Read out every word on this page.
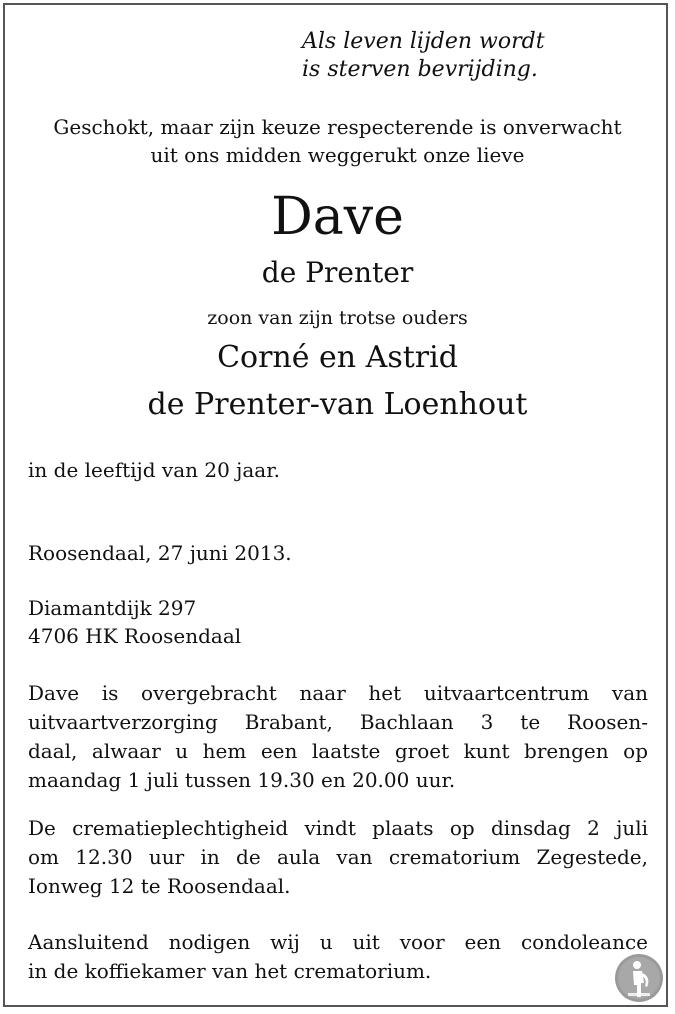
Als leven lijden wordt
is sterven bevrijding.
Geschokt, maar zijn keuze respecterende is onverwacht
uit ons midden weggerukt onze lieve
Dave
de Prenter
zoon van zijn trotse ouders
Corné en Astrid
de Prenter-van Loenhout
in de leeftijd van 20 jaar.
Roosendaal, 27 juni 2013.
Diamantdijk 297
4706 HK Roosendaal
Dave is overgebracht naar het uitvaartcentrum van
uitvaartverzorging Brabant, Bachlaan 3 te Roosen-
daal, alwaar u hem een laatste groet kunt brengen op
maandag 1 juli tussen 19.30 en 20.00 uur.
De crematieplechtigheid vindt plaats op dinsdag 2 juli
om 12.30 uur in de aula van crematorium Zegestede,
Ionweg 12 te Roosendaal.
Aansluitend nodigen wij u uit voor een condoleance
in de koffiekamer van het crematorium.
